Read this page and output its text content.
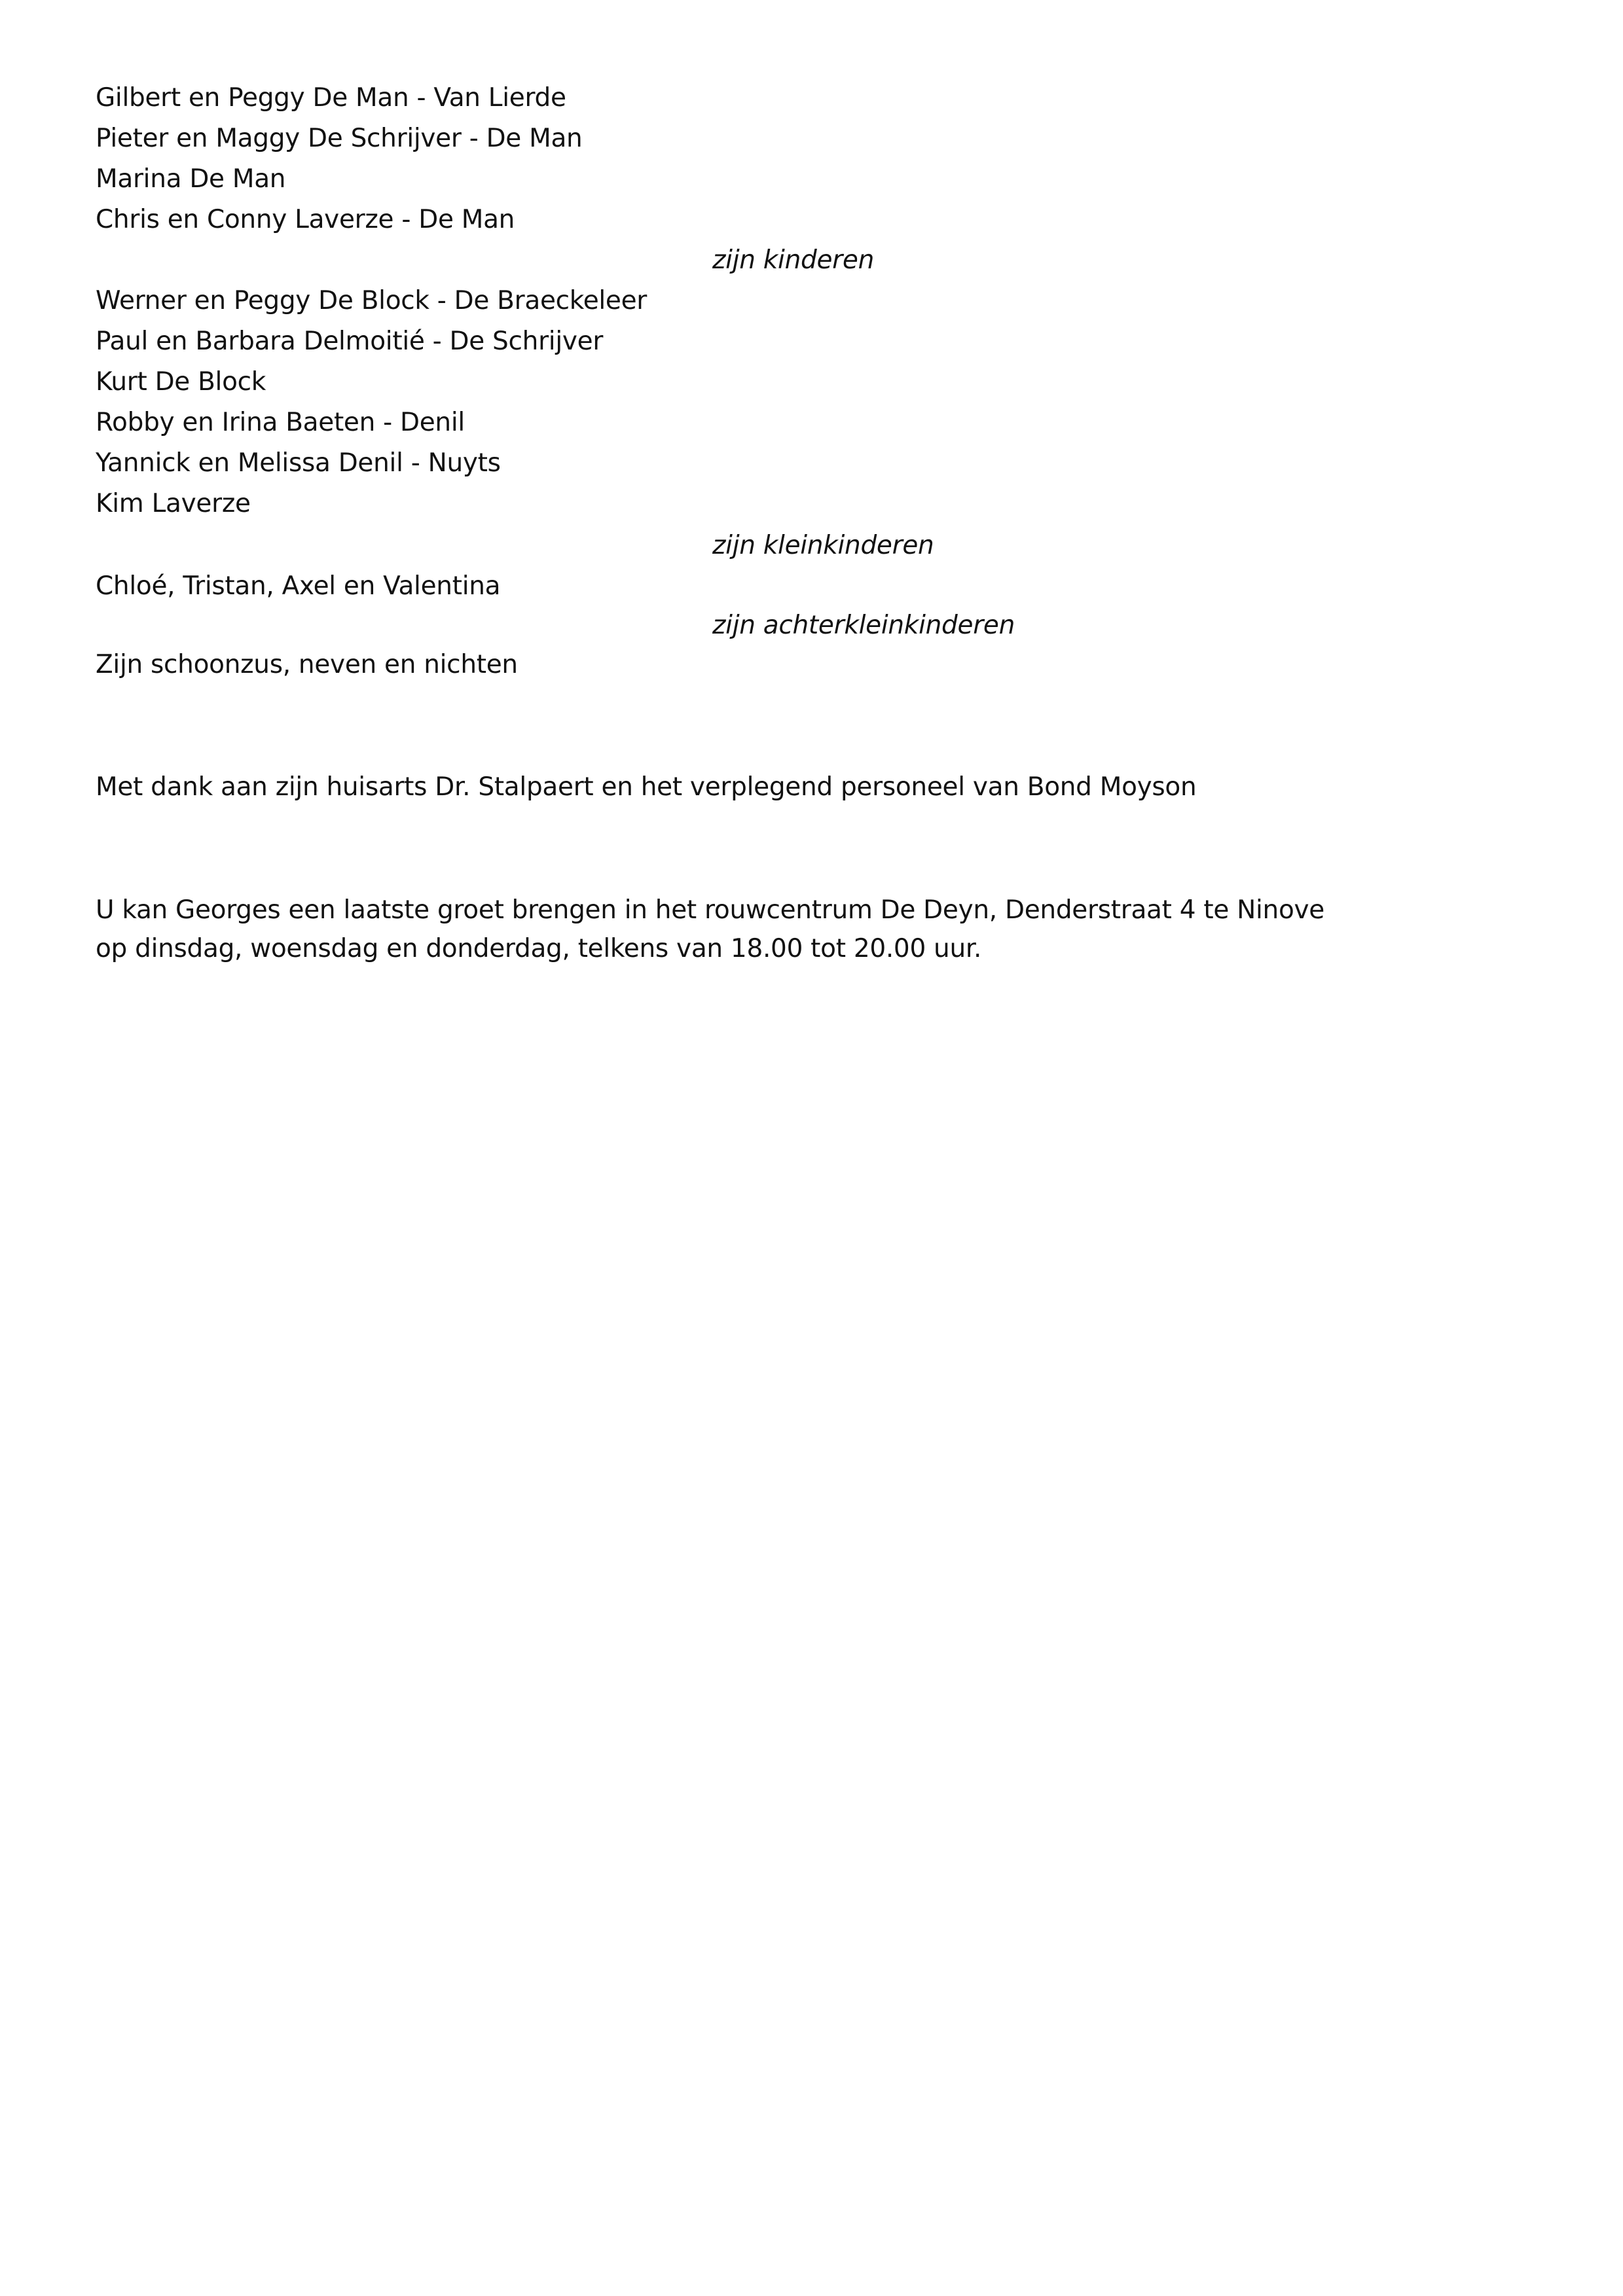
Gilbert en Peggy De Man - Van Lierde
Pieter en Maggy De Schrijver - De Man
Marina De Man
Chris en Conny Laverze - De Man
zijn kinderen
Werner en Peggy De Block - De Braeckeleer
Paul en Barbara Delmoitié - De Schrijver
Kurt De Block
Robby en Irina Baeten - Denil
Yannick en Melissa Denil - Nuyts
Kim Laverze
zijn kleinkinderen
Chloé, Tristan, Axel en Valentina
zijn achterkleinkinderen
Zijn schoonzus, neven en nichten
Met dank aan zijn huisarts Dr. Stalpaert en het verplegend personeel van Bond Moyson
U kan Georges een laatste groet brengen in het rouwcentrum De Deyn, Denderstraat 4 te Ninove
op dinsdag, woensdag en donderdag, telkens van 18.00 tot 20.00 uur.
